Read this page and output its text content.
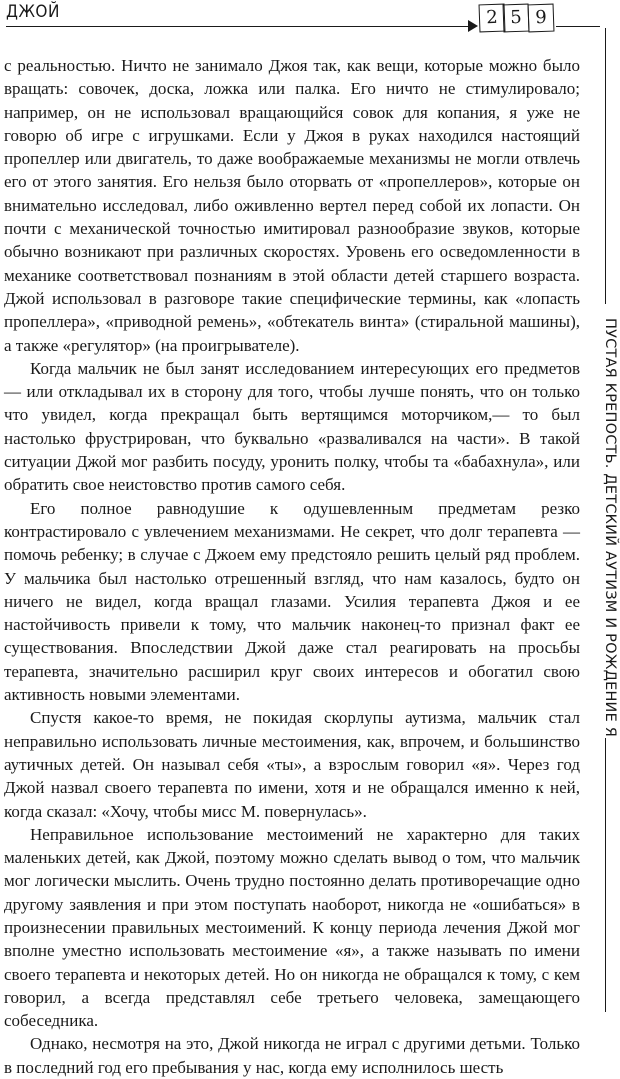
ДЖОЙ	2 5 9

с реальностью. Ничто не занимало Джоя так, как вещи, которые можно было вращать: совочек, доска, ложка или палка. Его ничто не стимулировало; например, он не использовал вращающийся совок для копания, я уже не говорю об игре с игрушками. Если у Джоя в руках находился настоящий пропеллер или двигатель, то даже воображаемые механизмы не могли отвлечь его от этого занятия. Его нельзя было оторвать от «пропеллеров», которые он внимательно исследовал, либо оживленно вертел перед собой их лопасти. Он почти с механической точностью имитировал разнообразие звуков, которые обычно возникают при различных скоростях. Уровень его осведомленности в механике соответствовал познаниям в этой области детей старшего возраста. Джой использовал в разговоре такие специфические термины, как «лопасть пропеллера», «приводной ремень», «обтекатель винта» (стиральной машины), а также «регулятор» (на проигрывателе).

Когда мальчик не был занят исследованием интересующих его предметов — или откладывал их в сторону для того, чтобы лучше понять, что он только что увидел, когда прекращал быть вертящимся моторчиком,— то был настолько фрустрирован, что буквально «разваливался на части». В такой ситуации Джой мог разбить посуду, уронить полку, чтобы та «бабахнула», или обратить свое неистовство против самого себя.

Его полное равнодушие к одушевленным предметам резко контрастировало с увлечением механизмами. Не секрет, что долг терапевта — помочь ребенку; в случае с Джоем ему предстояло решить целый ряд проблем. У мальчика был настолько отрешенный взгляд, что нам казалось, будто он ничего не видел, когда вращал глазами. Усилия терапевта Джоя и ее настойчивость привели к тому, что мальчик наконец-то признал факт ее существования. Впоследствии Джой даже стал реагировать на просьбы терапевта, значительно расширил круг своих интересов и обогатил свою активность новыми элементами.

Спустя какое-то время, не покидая скорлупы аутизма, мальчик стал неправильно использовать личные местоимения, как, впрочем, и большинство аутичных детей. Он называл себя «ты», а взрослым говорил «я». Через год Джой назвал своего терапевта по имени, хотя и не обращался именно к ней, когда сказал: «Хочу, чтобы мисс М. повернулась».

Неправильное использование местоимений не характерно для таких маленьких детей, как Джой, поэтому можно сделать вывод о том, что мальчик мог логически мыслить. Очень трудно постоянно делать противоречащие одно другому заявления и при этом поступать наоборот, никогда не «ошибаться» в произнесении правильных местоимений. К концу периода лечения Джой мог вполне уместно использовать местоимение «я», а также называть по имени своего терапевта и некоторых детей. Но он никогда не обращался к тому, с кем говорил, а всегда представлял себе третьего человека, замещающего собеседника.

Однако, несмотря на это, Джой никогда не играл с другими детьми. Только в последний год его пребывания у нас, когда ему исполнилось шесть

ПУСТАЯ КРЕПОСТЬ. ДЕТСКИЙ АУТИЗМ И РОЖДЕНИЕ Я
